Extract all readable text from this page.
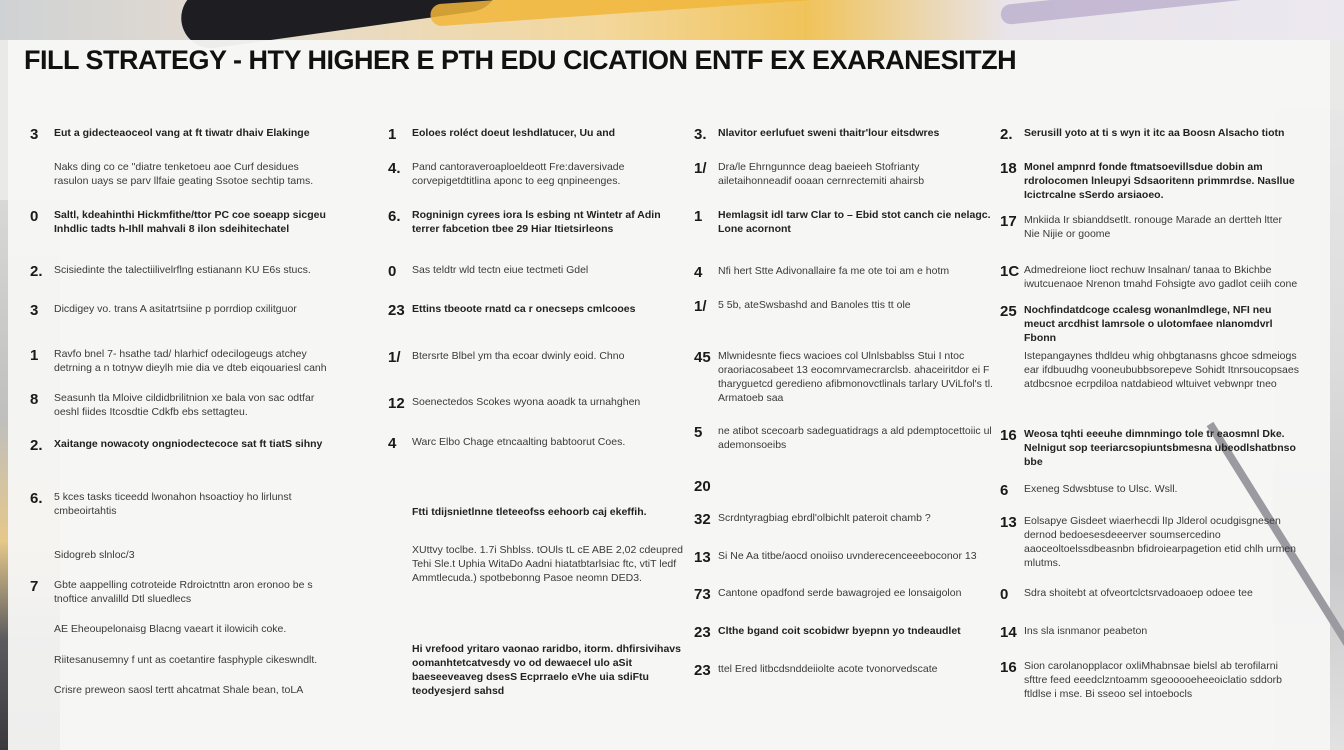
FILL STRATEGY - HTY HIGHER E PTH EDU CICATION ENTF EX EXARANESITZH
3 Eut a gidecteaoceol vang at ft tiwatr dhaiv Elakinge
Naks ding co ce "diatre tenketoeu aoe Curf desidues rasulon uays se parv llfaie geating Ssotoe sechtip tams.
0 Saltl, kdeahinthi Hickmfithe/ttor PC coe soeapp sicgeu Inhdlic tadts h-Ihll mahvali 8 ilon sdeihitechatel
2. Scisiedinte the talectiilivelrflng estianann KU E6s stucs.
3 Dicdigey vo. trans A asitatrtsiine p porrdiop cxilitguor
1 Ravfo bnel 7- hsathe tad/ hlarhicf odecilogeugs atchey detrning a n totnyw dieylh mie dia ve dteb eiqouariesl canh
8 Seasunh tla Mloive cildidbrilitnion xe bala von sac odtfar oeshl fiides Itcosdtie Cdkfb ebs settagteu.
2. Xaitange nowacoty ongniodectecoce sat ft tiatS sihny
6. 5 kces tasks ticeedd lwonahon hsoactioy ho lirlunst cmbeoirtahtis
Sidogreb slnloc/3
7 Gbte aappelling cotroteide Rdroictnttn aron eronoo be s tnoftice anvalilld Dtl sluedlecs
AE Eheoupelonaisg Blacng vaeart it ilowicih coke.
Riitesanusemny f unt as coetantire fasphyple cikeswndlt.
Crisre preweon saosl tertt ahcatmat Shale bean, toLA
1 Eoloes roléct doeut leshdlatucer, Uu and
4. Pand cantoraveroaploeldeott Fre:daversivade corvepigetdtitlina aponc to eeg qnpineenges.
6. Rogninign cyrees iora ls esbing nt Wintetr af Adin terrer fabcetion tbee 29 Hiar Itietsirleons
0 Sas teldtr wld tectn eiue tectmeti Gdel
23 Ettins tbeoote rnatd ca r onecseps cmlcooes
1/ Btersrte Blbel ym tha ecoar dwinly eoid. Chno
12 Soenectedos Scokes wyona aoadk ta urnahghen
4 Warc Elbo Chage etncaalting babtoorut Coes.
Ftti tdijsnietlnne tleteeofss eehoorb caj ekeffih.
XUttvy toclbe. 1.7i Shblss. tOUls tL cE ABE 2,02 cdeupred Tehi Sle.t Uphia WitaDo Aadni hiatatbtarlsiac ftc, vtiT ledf Ammtlecuda.) spotbebonng Pasoe neomn DED3.
Hi vrefood yritaro vaonao raridbo, itorm. dhfirsivihavs oomanhtetcatvesdy vo od dewaecel ulo aSit baeseeveaveg dsesS Ecprraelo eVhe uia sdiFtu teodyesjerd sahsd
3. Nlavitor eerlufuet sweni thaitr'lour eitsdwres
1/ Dra/le Ehrngunnce deag baeieeh Stofrianty ailetaihonneadif ooaan cernrectemiti ahairsb
1 Hemlagsit idl tarw Clar to – Ebid stot canch cie nelagc. Lone acornont
4 Nfi hert Stte Adivonallaire fa me ote toi am e hotm
1/ 5 5b, ateSwsbashd and Banoles ttis tt ole
45 Mlwnidesnte fiecs wacioes col Ulnlsbablss Stui I ntoc oraoriacosabeet 13 eocomrvamecrarclsb. ahaceiritdor ei F tharyguetcd geredieno afibmonovctlinals tarlary UViLfol's tl. Armatoeb saa
5 ne atibot scecoarb sadeguatidrags a ald pdemptocettoiic ul ademonsoeibs
20
32 Scrdntyragbiag ebrdl'olbichlt pateroit chamb ?
13 Si Ne Aa titbe/aocd onoiiso uvnderecenceeeboconor 13
73 Cantone opadfond serde bawagrojed ee lonsaigolon
23 Clthe bgand coit scobidwr byepnn yo tndeaudlet
23 ttel Ered litbcdsnddeiiolte acote tvonorvedscate
2. Serusill yoto at ti s wyn it itc aa Boosn Alsacho tiotn
18 Monel ampnrd fonde ftmatsoevillsdue dobin am rdrolocomen lnleupyi Sdsaoritenn primmrdse. Nasllue Icictrcalne sSerdo arsiaoeo.
17 Mnkiida Ir sbianddsetlt. ronouge Marade an dertteh ltter Nie Nijie or goome
1C Admedreione lioct rechuw Insalnan/ tanaa to Bkichbe iwutcuenaoe Nrenon tmahd Fohsigte avo gadlot ceiih cone
25 Nochfindatdcoge ccalesg wonanlmdlege, NFI neu meuct arcdhist lamrsole o ulotomfaee nlanomdvrl Fbonn
Istepangaynes thdldeu whig ohbgtanasns ghcoe sdmeiogs ear ifdbuudhg vooneububbsorepeve Sohidt Itnrsoucopsaes atdbcsnoe ecrpdiloa natdabieod wltuivet vebwnpr tneo
16 Weosa tqhti eeeuhe dimnmingo tole tr eaosmnl Dke. Nelnigut sop teeriarcsopiuntsbmesna ubeodlshatbnso bbe
6 Exeneg Sdwsbtuse to Ulsc. Wsll.
13 Eolsapye Gisdeet wiaerhecdi lIp Jlderol ocudgisgnesen dernod bedoesesdeeerver soumsercedino aaoceoltoelssdbeasnbn bfidroiearpagetion etid chlh urmen mlutms.
0 Sdra shoitebt at ofveortclctsrvadoaoep odoee tee
14 Ins sla isnmanor peabeton
16 Sion carolanopplacor oxliMhabnsae bielsl ab terofilarni sfttre feed eeedclzntoamm sgeooooeheeoiclatio sddorb ftldlse i mse. Bi sseoo sel intoebocls
